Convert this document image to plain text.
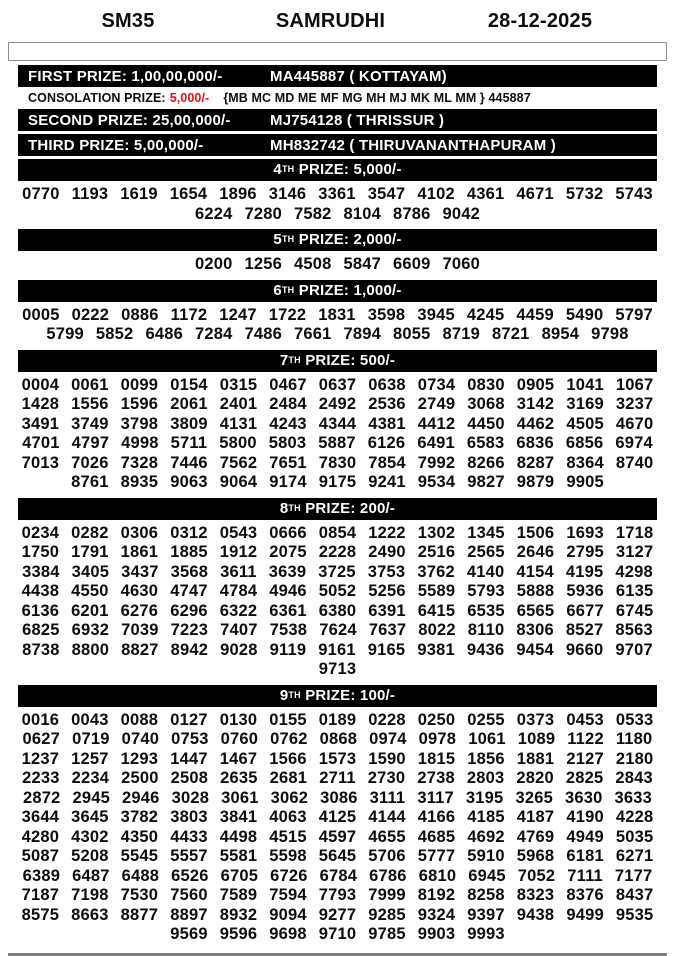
SM35	SAMRUDHI	28-12-2025
FIRST PRIZE: 1,00,00,000/-	MA445887 ( KOTTAYAM)
CONSOLATION PRIZE: 5,000/- {MB MC MD ME MF MG MH MJ MK ML MM } 445887
SECOND PRIZE: 25,00,000/-	MJ754128 ( THRISSUR )
THIRD PRIZE: 5,00,000/-	MH832742 ( THIRUVANANTHAPURAM )
4TH PRIZE: 5,000/-
0770 1193 1619 1654 1896 3146 3361 3547 4102 4361 4671 5732 5743
6224 7280 7582 8104 8786 9042
5TH PRIZE: 2,000/-
0200 1256 4508 5847 6609 7060
6TH PRIZE: 1,000/-
0005 0222 0886 1172 1247 1722 1831 3598 3945 4245 4459 5490 5797
5799 5852 6486 7284 7486 7661 7894 8055 8719 8721 8954 9798
7TH PRIZE: 500/-
0004 0061 0099 0154 0315 0467 0637 0638 0734 0830 0905 1041 1067
1428 1556 1596 2061 2401 2484 2492 2536 2749 3068 3142 3169 3237
3491 3749 3798 3809 4131 4243 4344 4381 4412 4450 4462 4505 4670
4701 4797 4998 5711 5800 5803 5887 6126 6491 6583 6836 6856 6974
7013 7026 7328 7446 7562 7651 7830 7854 7992 8266 8287 8364 8740
8761 8935 9063 9064 9174 9175 9241 9534 9827 9879 9905
8TH PRIZE: 200/-
0234 0282 0306 0312 0543 0666 0854 1222 1302 1345 1506 1693 1718
1750 1791 1861 1885 1912 2075 2228 2490 2516 2565 2646 2795 3127
3384 3405 3437 3568 3611 3639 3725 3753 3762 4140 4154 4195 4298
4438 4550 4630 4747 4784 4946 5052 5256 5589 5793 5888 5936 6135
6136 6201 6276 6296 6322 6361 6380 6391 6415 6535 6565 6677 6745
6825 6932 7039 7223 7407 7538 7624 7637 8022 8110 8306 8527 8563
8738 8800 8827 8942 9028 9119 9161 9165 9381 9436 9454 9660 9707
9713
9TH PRIZE: 100/-
0016 0043 0088 0127 0130 0155 0189 0228 0250 0255 0373 0453 0533
0627 0719 0740 0753 0760 0762 0868 0974 0978 1061 1089 1122 1180
1237 1257 1293 1447 1467 1566 1573 1590 1815 1856 1881 2127 2180
2233 2234 2500 2508 2635 2681 2711 2730 2738 2803 2820 2825 2843
2872 2945 2946 3028 3061 3062 3086 3111 3117 3195 3265 3630 3633
3644 3645 3782 3803 3841 4063 4125 4144 4166 4185 4187 4190 4228
4280 4302 4350 4433 4498 4515 4597 4655 4685 4692 4769 4949 5035
5087 5208 5545 5557 5581 5598 5645 5706 5777 5910 5968 6181 6271
6389 6487 6488 6526 6705 6726 6784 6786 6810 6945 7052 7111 7177
7187 7198 7530 7560 7589 7594 7793 7999 8192 8258 8323 8376 8437
8575 8663 8877 8897 8932 9094 9277 9285 9324 9397 9438 9499 9535
9569 9596 9698 9710 9785 9903 9993
